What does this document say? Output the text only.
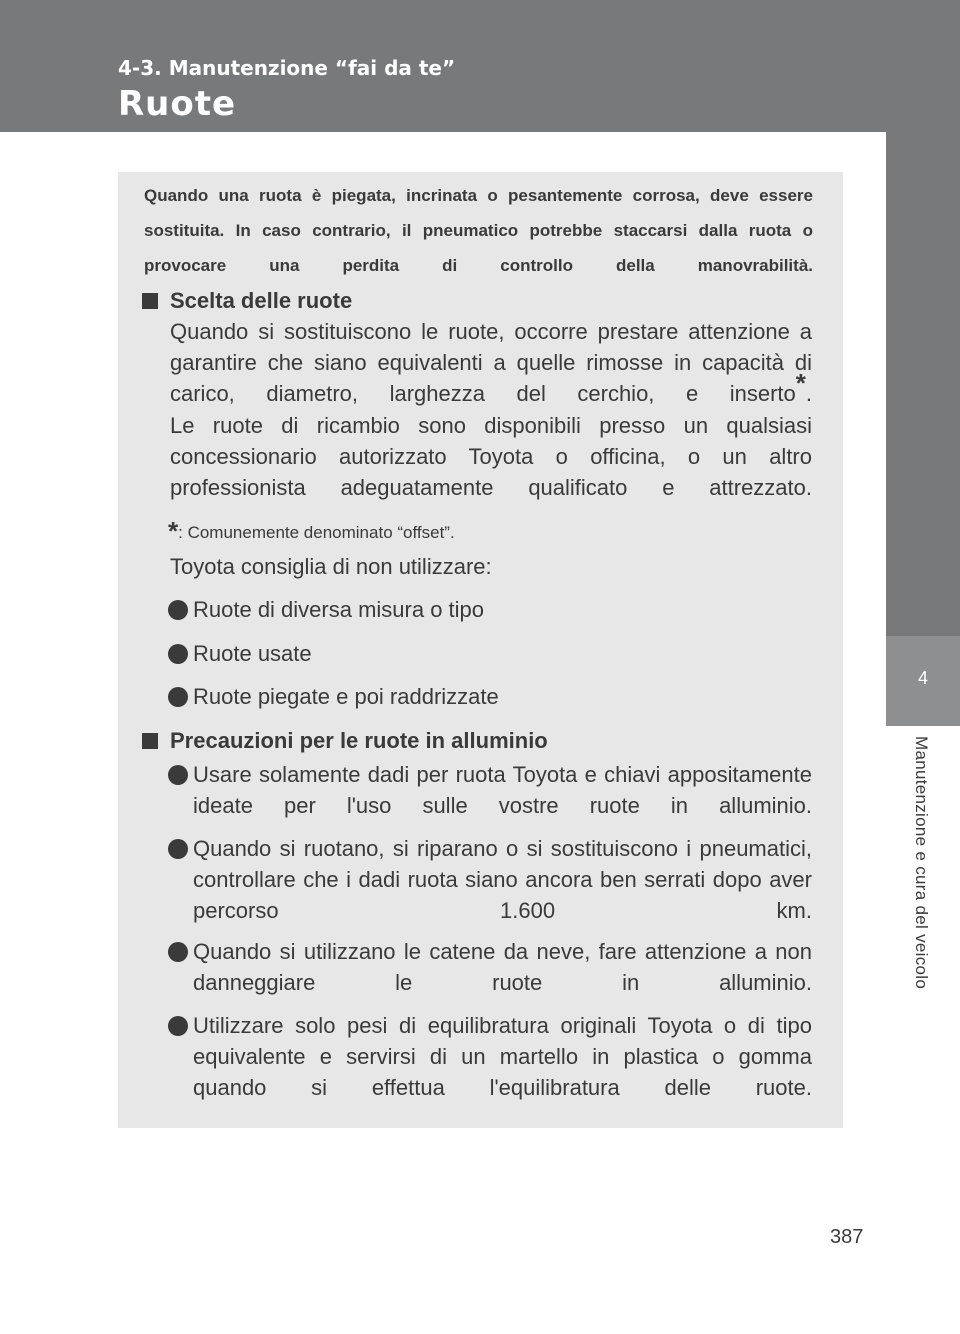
4-3. Manutenzione “fai da te”
Ruote
4
Manutenzione e cura del veicolo

Quando una ruota è piegata, incrinata o pesantemente corrosa, deve essere sostituita. In caso contrario, il pneumatico potrebbe staccarsi dalla ruota o provocare una perdita di controllo della manovrabilità.

Scelta delle ruote

Quando si sostituiscono le ruote, occorre prestare attenzione a garantire che siano equivalenti a quelle rimosse in capacità di carico, diametro, larghezza del cerchio, e inserto*.

Le ruote di ricambio sono disponibili presso un qualsiasi concessionario autorizzato Toyota o officina, o un altro professionista adeguatamente qualificato e attrezzato.

*: Comunemente denominato “offset”.
Toyota consiglia di non utilizzare:
Ruote di diversa misura o tipo
Ruote usate
Ruote piegate e poi raddrizzate
Precauzioni per le ruote in alluminio

Usare solamente dadi per ruota Toyota e chiavi appositamente ideate per l'uso sulle vostre ruote in alluminio.

Quando si ruotano, si riparano o si sostituiscono i pneumatici, controllare che i dadi ruota siano ancora ben serrati dopo aver percorso 1.600 km.

Quando si utilizzano le catene da neve, fare attenzione a non danneggiare le ruote in alluminio.

Utilizzare solo pesi di equilibratura originali Toyota o di tipo equivalente e servirsi di un martello in plastica o gomma quando si effettua l'equilibratura delle ruote.

387
